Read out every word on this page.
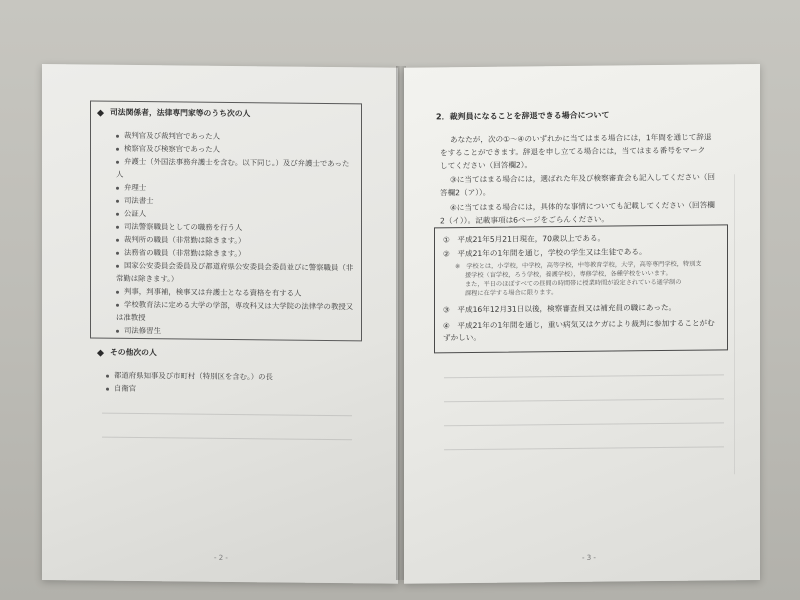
司法関係者，法律専門家等のうち次の人
裁判官及び裁判官であった人
検察官及び検察官であった人
弁護士（外国法事務弁護士を含む。以下同じ。）及び弁護士であった人
弁理士
司法書士
公証人
司法警察職員としての職務を行う人
裁判所の職員（非常勤は除きます。）
法務省の職員（非常勤は除きます。）
国家公安委員会委員及び都道府県公安委員会委員並びに警察職員（非常勤は除きます。）
判事，判事補，検事又は弁護士となる資格を有する人
学校教育法に定める大学の学部，専攻科又は大学院の法律学の教授又は准教授
司法修習生
その他次の人
都道府県知事及び市町村（特別区を含む。）の長
自衛官
- 2 -
2．裁判員になることを辞退できる場合について
あなたが，次の①〜④のいずれかに当てはまる場合には，1年間を通じて辞退
をすることができます。辞退を申し立てる場合には，当てはまる番号をマーク
してください（回答欄2）。
③に当てはまる場合には，選ばれた年及び検察審査会も記入してください（回
答欄2（ア））。
④に当てはまる場合には，具体的な事情についても記載してください（回答欄
2（イ））。記載事項は6ページをごらんください。
①　平成21年5月21日現在，70歳以上である。
②　平成21年の1年間を通じ，学校の学生又は生徒である。
※　学校とは，小学校，中学校，高等学校，中等教育学校，大学，高等専門学校，特別支
援学校（盲学校，ろう学校，養護学校），専修学校，各種学校をいいます。
また，平日のほぼすべての昼間の時間帯に授業時間が設定されている通学制の
課程に在学する場合に限ります。
③　平成16年12月31日以後，検察審査員又は補充員の職にあった。
④　平成21年の1年間を通じ，重い病気又はケガにより裁判に参加することがむずかしい。
- 3 -
